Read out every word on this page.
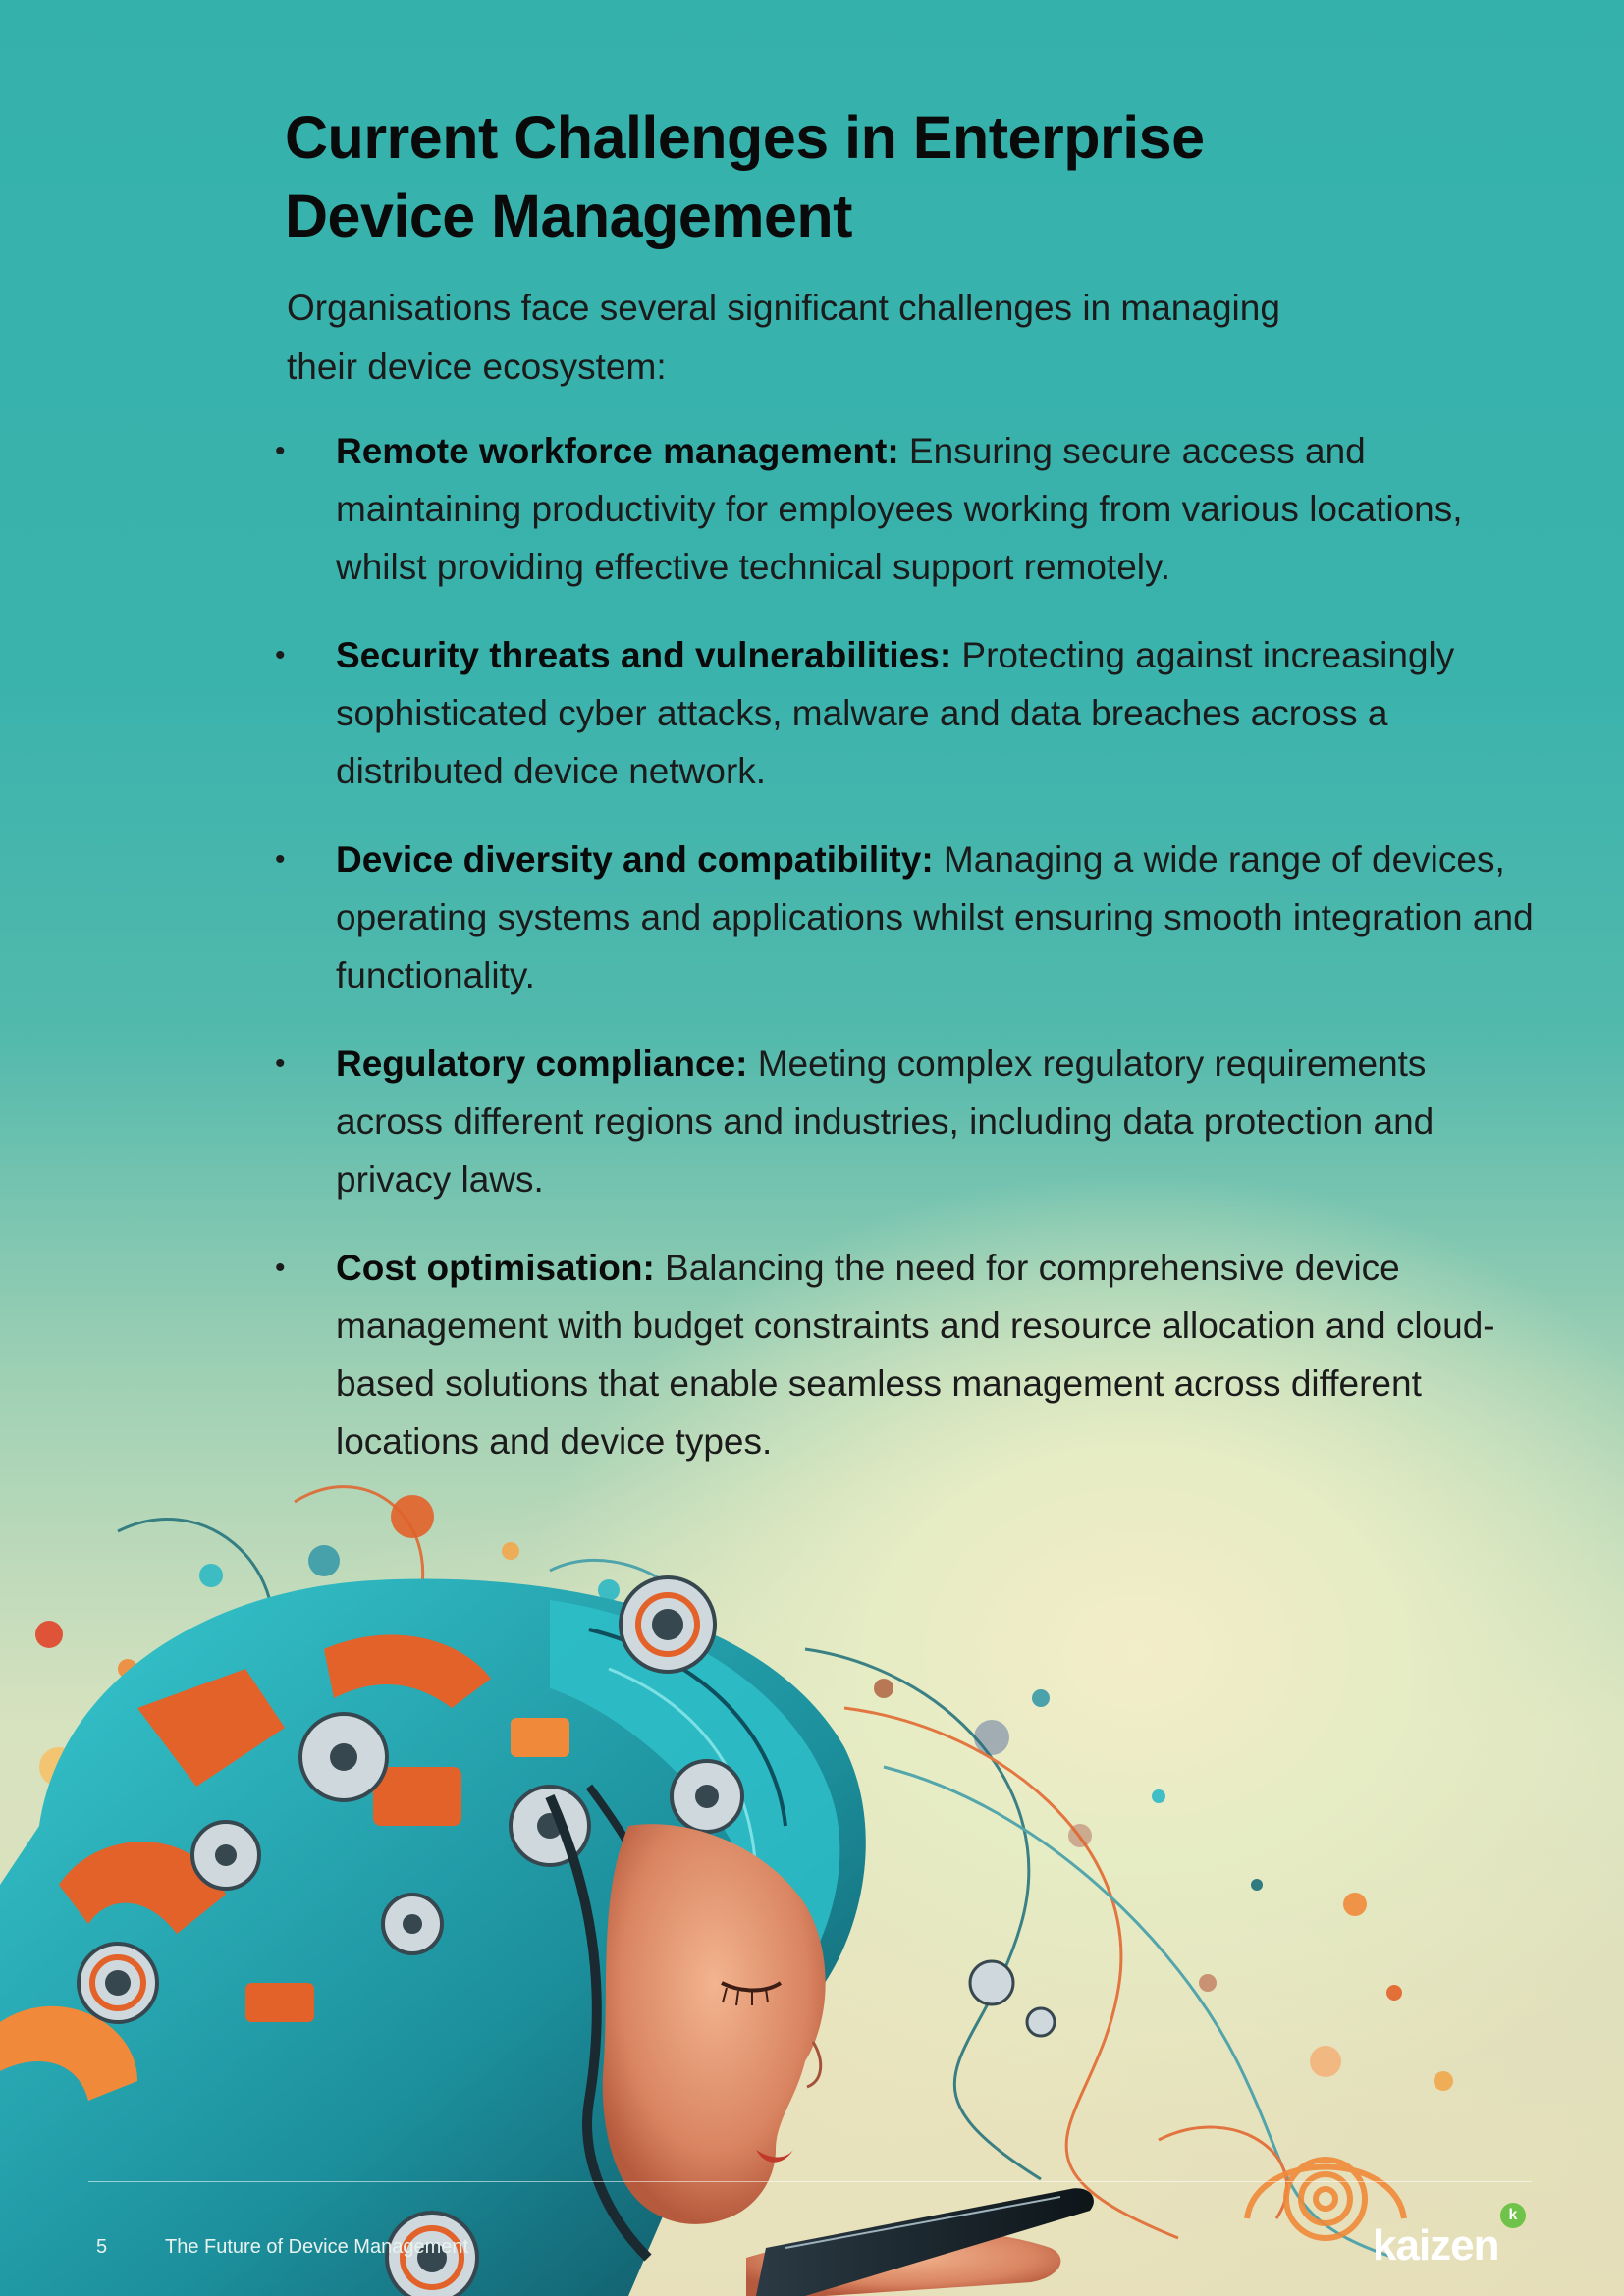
Current Challenges in Enterprise Device Management

Organisations face several significant challenges in managing their device ecosystem:

• Remote workforce management: Ensuring secure access and maintaining productivity for employees working from various locations, whilst providing effective technical support remotely.
• Security threats and vulnerabilities: Protecting against increasingly sophisticated cyber attacks, malware and data breaches across a distributed device network.
• Device diversity and compatibility: Managing a wide range of devices, operating systems and applications whilst ensuring smooth integration and functionality.
• Regulatory compliance: Meeting complex regulatory requirements across different regions and industries, including data protection and privacy laws.
• Cost optimisation: Balancing the need for comprehensive device management with budget constraints and resource allocation and cloud-based solutions that enable seamless management across different locations and device types.
5	The Future of Device Management	kaizen
k
